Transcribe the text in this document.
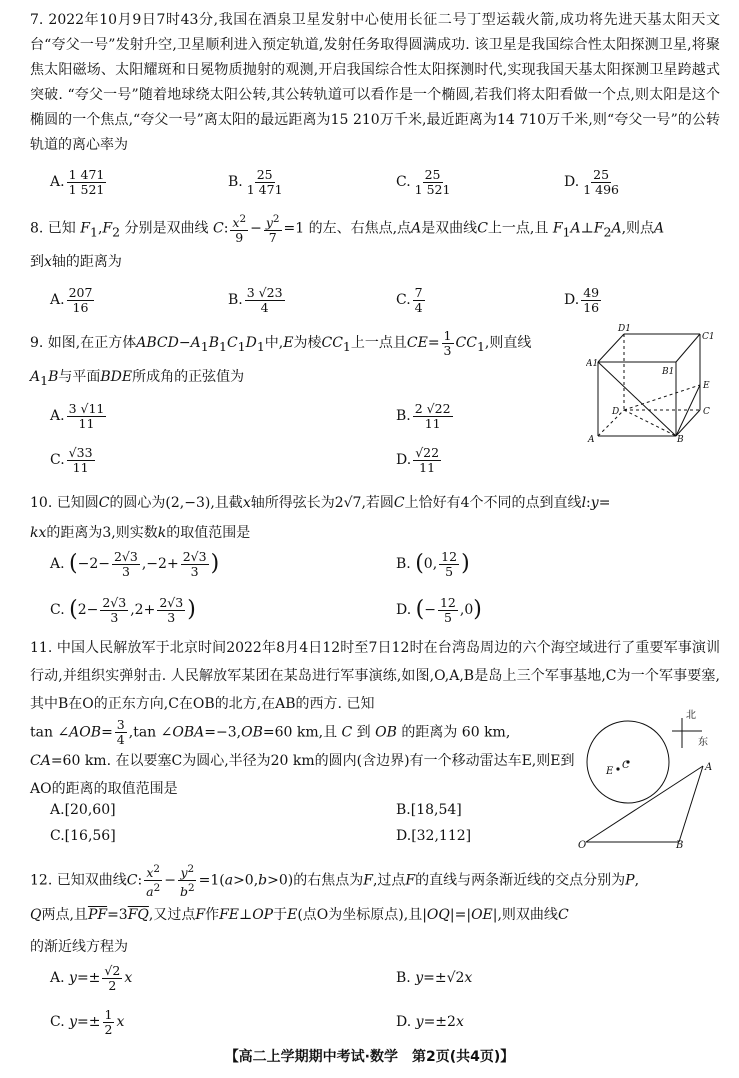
7. 2022年10月9日7时43分,我国在酒泉卫星发射中心使用长征二号丁型运载火箭,成功将先进天基太阳天文台“夸父一号”发射升空,卫星顺利进入预定轨道,发射任务取得圆满成功. 该卫星是我国综合性太阳探测卫星,将聚焦太阳磁场、太阳耀斑和日冕物质抛射的观测,开启我国综合性太阳探测时代,实现我国天基太阳探测卫星跨越式突破. “夸父一号”随着地球绕太阳公转,其公转轨道可以看作是一个椭圆,若我们将太阳看做一个点,则太阳是这个椭圆的一个焦点,“夸父一号”离太阳的最远距离为15 210万千米,最近距离为14 710万千米,则“夸父一号”的公转轨道的离心率为
A. $\frac{1 471}{1 521}$	B. $\frac{25}{1 471}$	C. $\frac{25}{1 521}$	D. $\frac{25}{1 496}$
8. 已知 $F_1,F_2$ 分别是双曲线 C: $\frac{x^2}{9} - \frac{y^2}{7} =1$ 的左、右焦点,点A是双曲线C上一点,且 $F_1A\perp F_2A$,则点A
到x轴的距离为
A. $\frac{207}{16}$	B. $\frac{3 √23}{4}$	C. $\frac{7}{4}$	D. $\frac{49}{16}$
9. 如图,在正方体$ABCD-A_1B_1C_1D_1$中,E为棱$CC_1$上一点且$CE= \frac{1}{3} CC_1$,则直线
$A_1B$与平面BDE所成角的正弦值为
A. $\frac{3 √11}{11}$	B. $\frac{2 √22}{11}$
C. $\frac{√33}{11}$	D. $\frac{√22}{11}$
D1
C1
A1
B1
E
D	C
A	B
10. 已知圆C的圆心为(2,−3),且截x轴所得弦长为2√7,若圆C上恰好有4个不同的点到直线l:y=
kx的距离为3,则实数k的取值范围是
A.
( $-2- \frac{2√3}{3} ,-2+ \frac{2√3}{3}$ )	B.
( 0, $\frac{12}{5}$ )
C.
( $2- \frac{2√3}{3} ,2+ \frac{2√3}{3}$ )	D.
( − $\frac{12}{5} ,0$ )
11. 中国人民解放军于北京时间2022年8月4日12时至7日12时在台湾岛周边的六个海空域进行了重要军事演训行动,并组织实弹射击. 人民解放军某团在某岛进行军事演练,如图,O,A,B是岛上三个军事基地,C为一个军事要塞,其中B在O的正东方向,C在OB的北方,在AB的西方. 已知
tan ∠AOB= $\frac{3}{4} ,\tan$ ∠OBA=−3,OB=60 km,且 C 到 OB 的距离为 60 km,
CA=60 km. 在以要塞C为圆心,半径为20 km的圆内(含边界)有一个移动雷达车E,则E到AO的距离的取值范围是
A. [20,60]	B. [18,54]
C. [16,56]	D. [32,112]
北
东
E
C	A
O	B
12. 已知双曲线C: $\frac{x^2}{a^2} - \frac{y^2}{b^2} =1(a>0,b>0)$的右焦点为F,过点F的直线与两条渐近线的交点分别为P,
Q两点,且$\overline{PF}=3\overline{FQ}$,又过点F作FE⊥OP于E(点O为坐标原点),且|OQ|=|OE|,则双曲线C
的渐近线方程为
A.
$y =\pm \frac{√2}{2}$ x	B.
y =±√2 x
C.
$y =\pm \frac{1}{2}$ x	D.
y =±2 x
【高二上学期期中考试·数学　第2页(共4页)】
